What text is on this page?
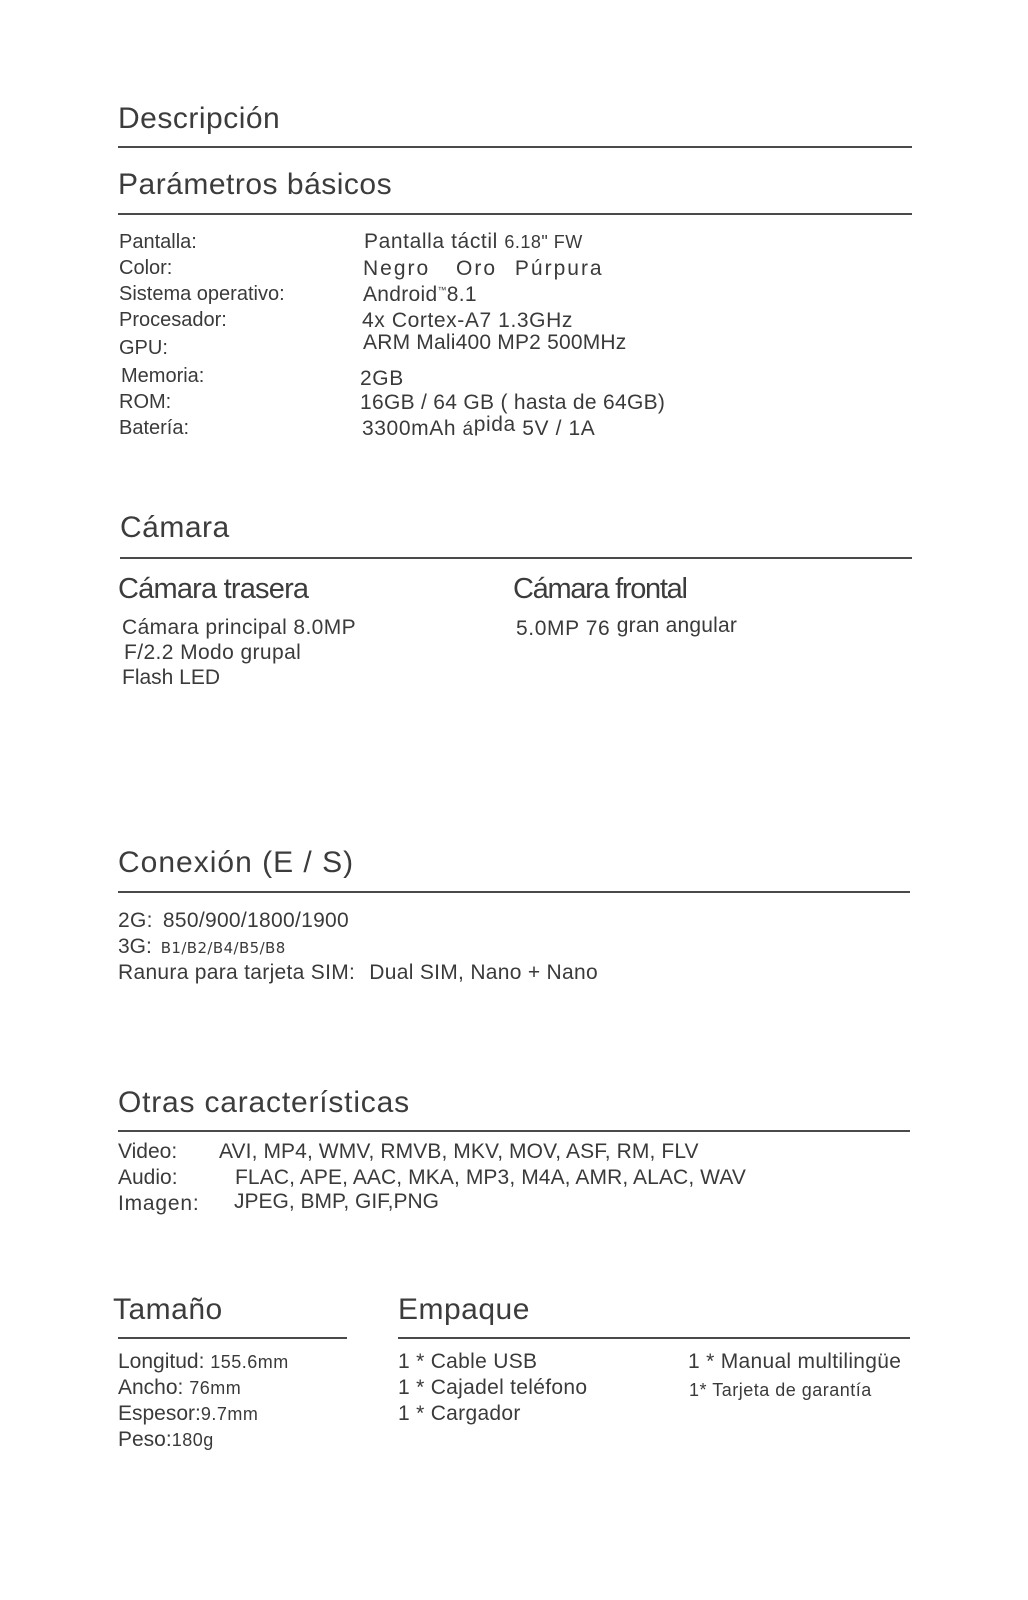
Descripción
Parámetros básicos
Pantalla:	Pantalla táctil 6.18" FW
Color:	Negro Oro Púrpura
Sistema operativo:	Android™8.1
Procesador:	4x Cortex-A7 1.3GHz
GPU:	ARM Mali400 MP2 500MHz
Memoria:	2GB
ROM:	16GB / 64 GB ( hasta de 64GB)
Batería:	3300mAh ápida 5V / 1A
Cámara
Cámara trasera
Cámara principal 8.0MP
F/2.2 Modo grupal
Flash LED
Cámara frontal
5.0MP 76 gran angular
Conexión (E / S)
2G: 850/900/1800/1900
3G: B1/B2/B4/B5/B8
Ranura para tarjeta SIM: Dual SIM, Nano + Nano
Otras características
Video: AVI, MP4, WMV, RMVB, MKV, MOV, ASF, RM, FLV
Audio:	FLAC, APE, AAC, MKA, MP3, M4A, AMR, ALAC, WAV
Imagen: JPEG, BMP, GIF,PNG
Tamaño
Longitud: 155.6mm
Ancho: 76mm
Espesor:9.7mm
Peso:180g
Empaque
1 * Cable USB
1 * Cajadel teléfono
1 * Cargador
1 * Manual multilingüe
1* Tarjeta de garantía
